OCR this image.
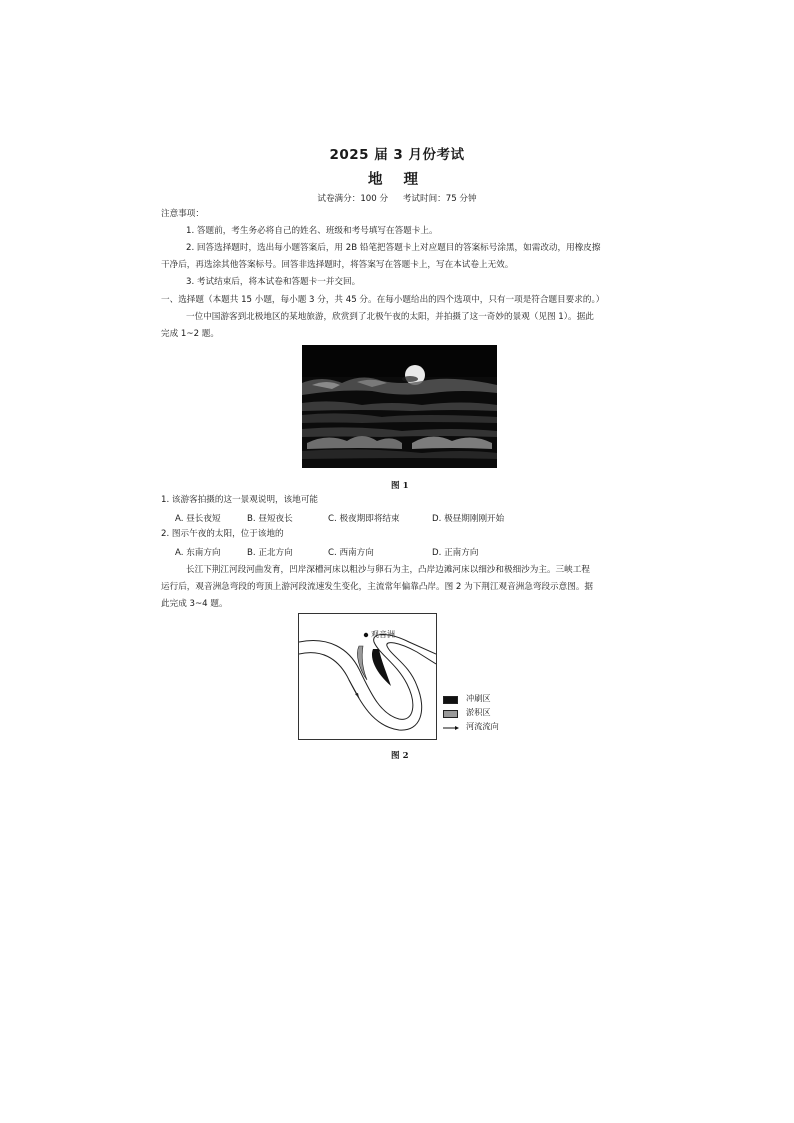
2025 届 3 月份考试
地 理
试卷满分：100 分 考试时间：75 分钟
注意事项：
1. 答题前，考生务必将自己的姓名、班级和考号填写在答题卡上。
2. 回答选择题时，选出每小题答案后，用 2B 铅笔把答题卡上对应题目的答案标号涂黑，如需改动，用橡皮擦
干净后，再选涂其他答案标号。回答非选择题时，将答案写在答题卡上，写在本试卷上无效。
3. 考试结束后，将本试卷和答题卡一并交回。
一、选择题（本题共 15 小题，每小题 3 分，共 45 分。在每小题给出的四个选项中，只有一项是符合题目要求的。）
一位中国游客到北极地区的某地旅游，欣赏到了北极午夜的太阳，并拍摄了这一奇妙的景观（见图 1）。据此
完成 1~2 题。
图 1
1. 该游客拍摄的这一景观说明，该地可能
A. 昼长夜短	B. 昼短夜长	C. 极夜期即将结束	D. 极昼期刚刚开始
2. 图示午夜的太阳，位于该地的
A. 东南方向	B. 正北方向	C. 西南方向	D. 正南方向
长江下荆江河段河曲发育，凹岸深槽河床以粗沙与卵石为主，凸岸边滩河床以细沙和极细沙为主。三峡工程
运行后，观音洲急弯段的弯顶上游河段流速发生变化，主流常年偏靠凸岸。图 2 为下荆江观音洲急弯段示意图。据
此完成 3~4 题。
观音洲
冲刷区
淤积区
河流流向
图 2
